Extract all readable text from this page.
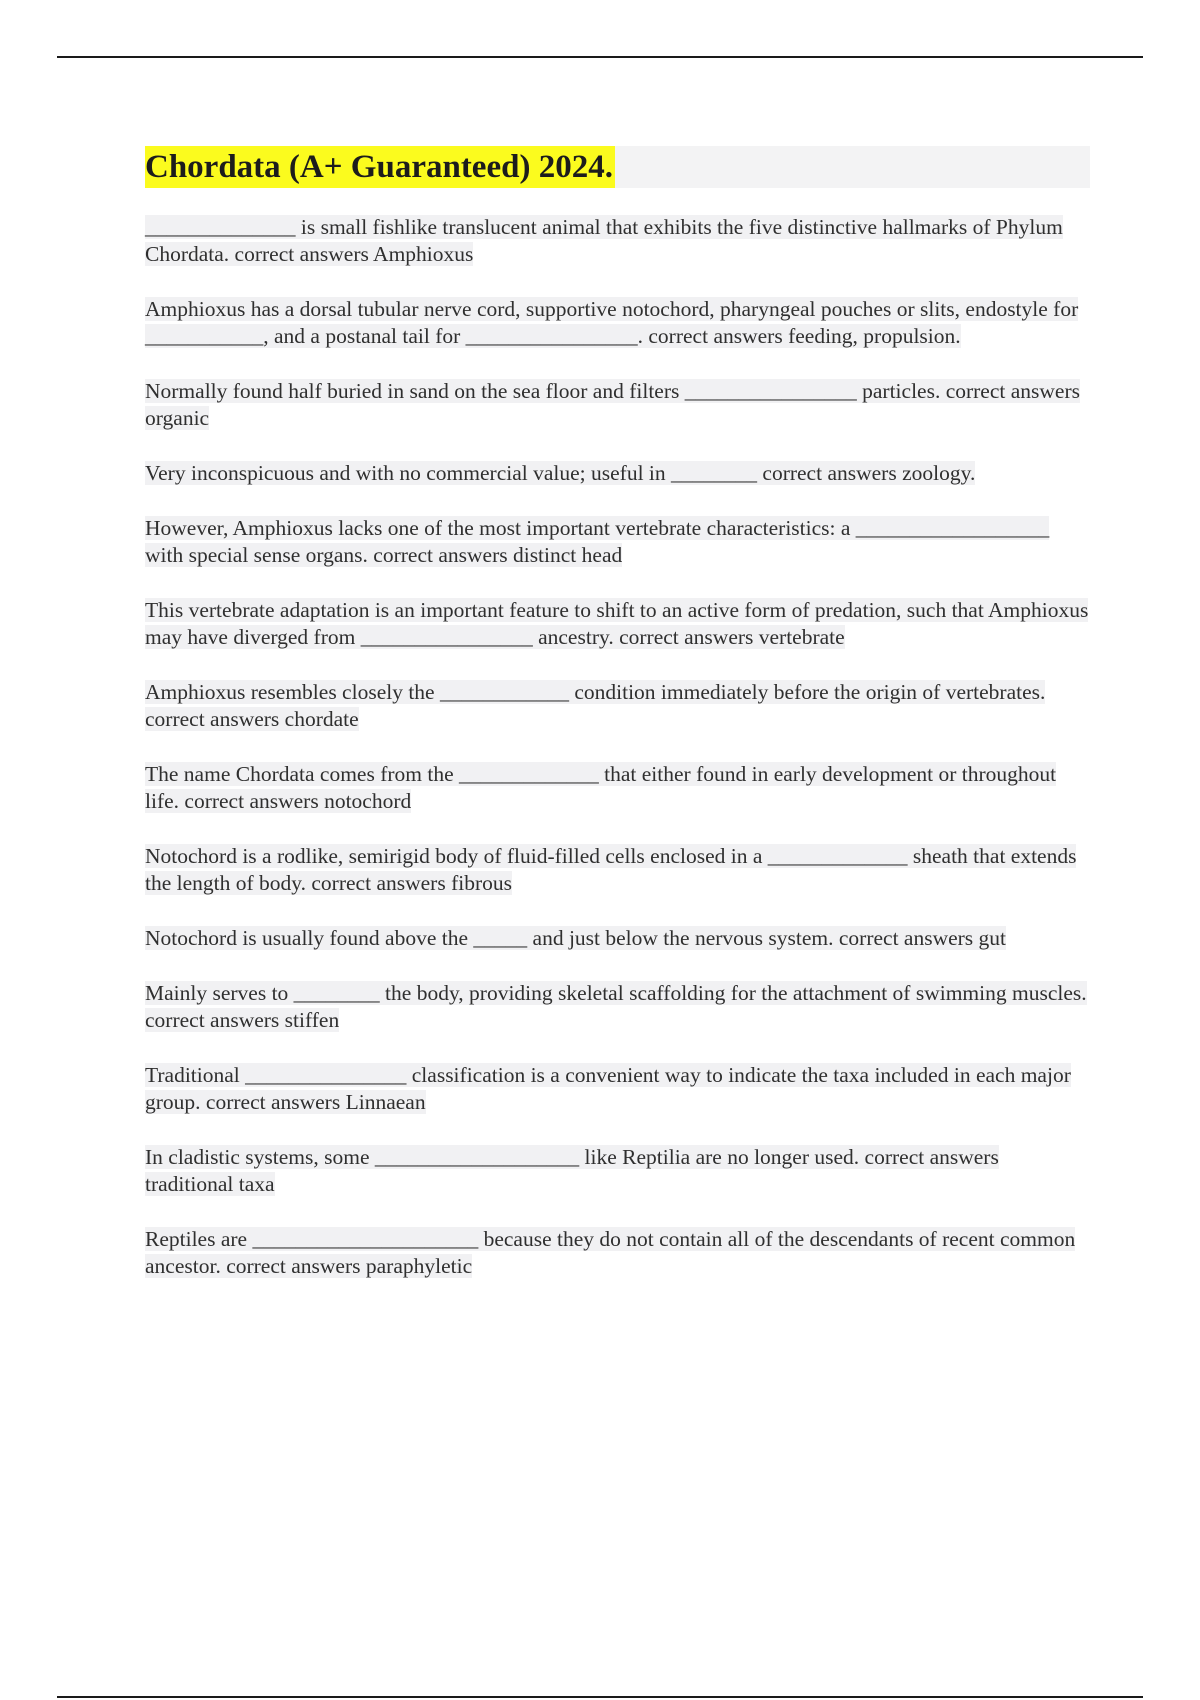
Chordata (A+ Guaranteed) 2024.

______________ is small fishlike translucent animal that exhibits the five distinctive hallmarks of Phylum Chordata. correct answers Amphioxus

Amphioxus has a dorsal tubular nerve cord, supportive notochord, pharyngeal pouches or slits, endostyle for ___________, and a postanal tail for ________________. correct answers feeding, propulsion.

Normally found half buried in sand on the sea floor and filters ________________ particles. correct answers organic

Very inconspicuous and with no commercial value; useful in ________ correct answers zoology.

However, Amphioxus lacks one of the most important vertebrate characteristics: a __________________ with special sense organs. correct answers distinct head

This vertebrate adaptation is an important feature to shift to an active form of predation, such that Amphioxus may have diverged from ________________ ancestry. correct answers vertebrate

Amphioxus resembles closely the ____________ condition immediately before the origin of vertebrates. correct answers chordate

The name Chordata comes from the _____________ that either found in early development or throughout life. correct answers notochord

Notochord is a rodlike, semirigid body of fluid-filled cells enclosed in a _____________ sheath that extends the length of body. correct answers fibrous

Notochord is usually found above the _____ and just below the nervous system. correct answers gut

Mainly serves to ________ the body, providing skeletal scaffolding for the attachment of swimming muscles. correct answers stiffen

Traditional _______________ classification is a convenient way to indicate the taxa included in each major group. correct answers Linnaean

In cladistic systems, some ___________________ like Reptilia are no longer used. correct answers traditional taxa

Reptiles are _____________________ because they do not contain all of the descendants of recent common ancestor. correct answers paraphyletic
